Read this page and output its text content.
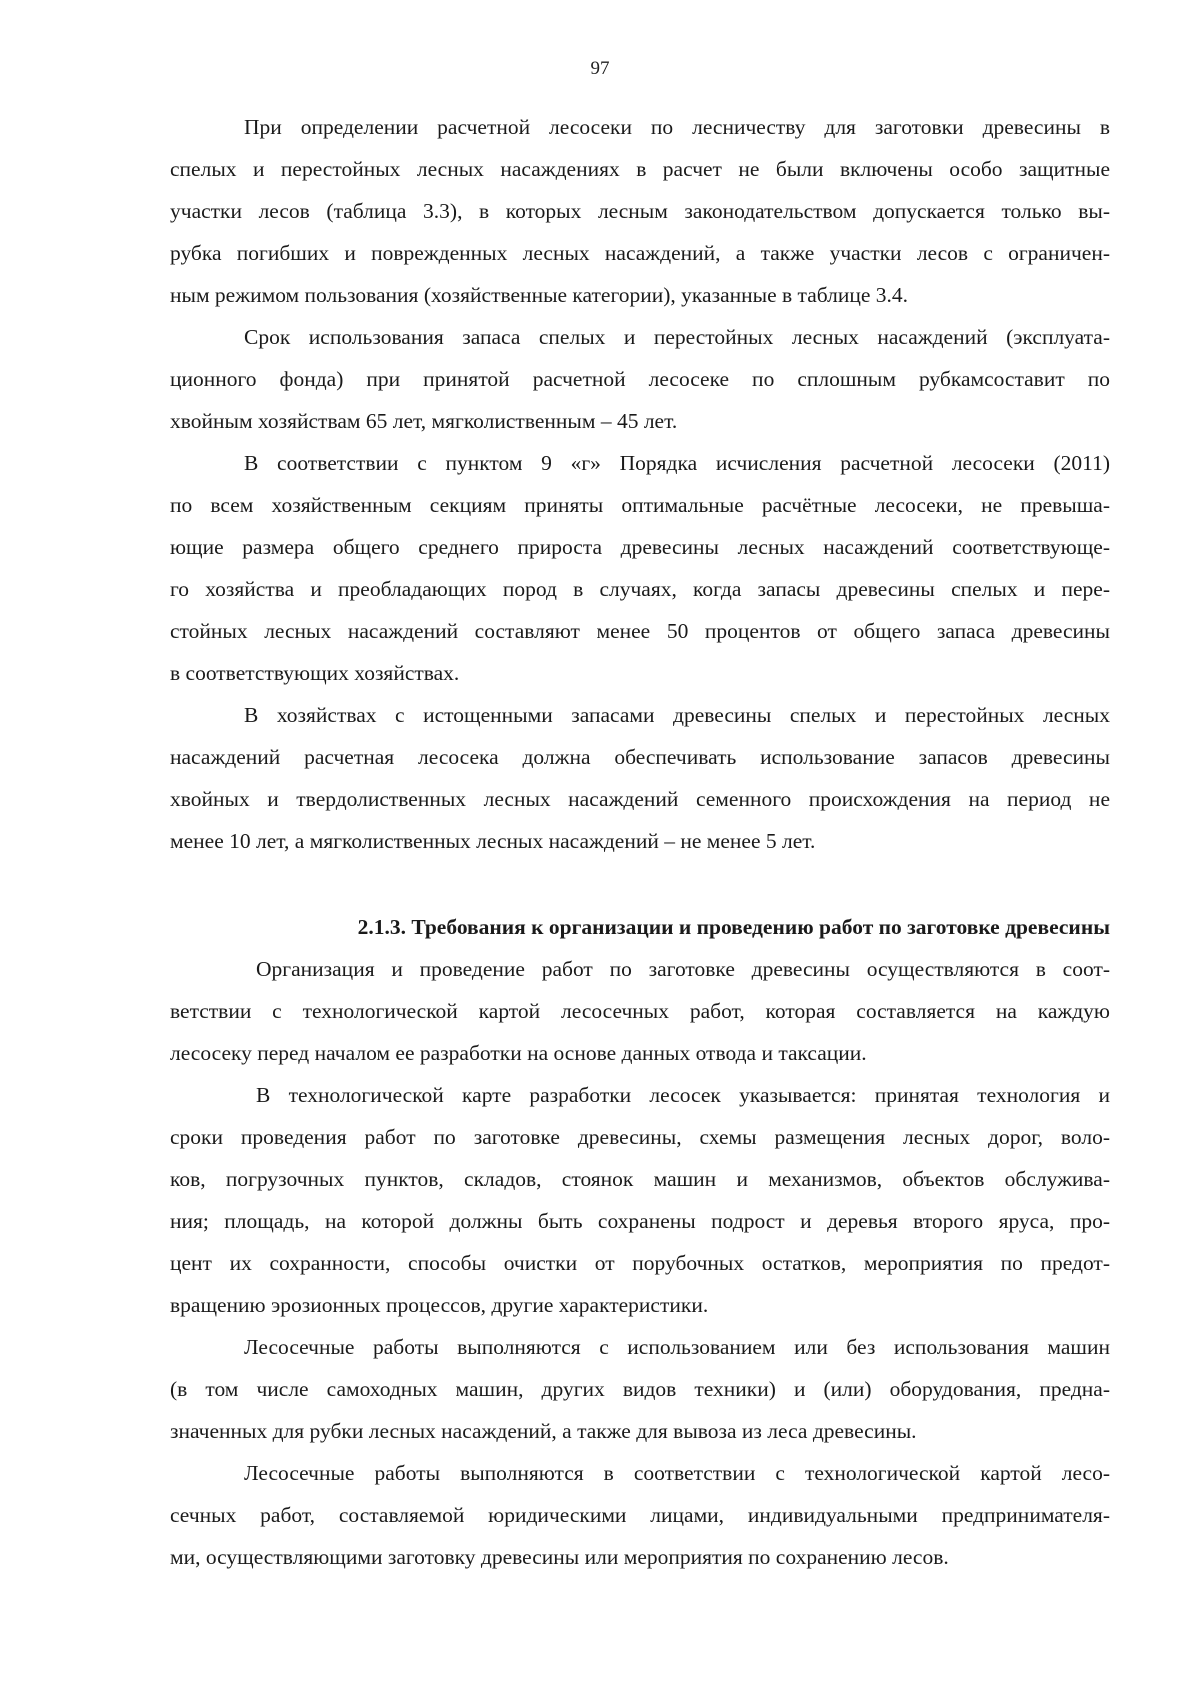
97
При определении расчетной лесосеки по лесничеству для заготовки древесины в
спелых и перестойных лесных насаждениях в расчет не были включены особо защитные
участки лесов (таблица 3.3), в которых лесным законодательством допускается только вы-
рубка погибших и поврежденных лесных насаждений, а также участки лесов с ограничен-
ным режимом пользования (хозяйственные категории), указанные в таблице 3.4.
Срок использования запаса спелых и перестойных лесных насаждений (эксплуата-
ционного фонда) при принятой расчетной лесосеке по сплошным рубкамсоставит по
хвойным хозяйствам 65 лет, мягколиственным – 45 лет.
В соответствии с пунктом 9 «г» Порядка исчисления расчетной лесосеки (2011)
по всем хозяйственным секциям приняты оптимальные расчётные лесосеки, не превыша-
ющие размера общего среднего прироста древесины лесных насаждений соответствующе-
го хозяйства и преобладающих пород в случаях, когда запасы древесины спелых и пере-
стойных лесных насаждений составляют менее 50 процентов от общего запаса древесины
в соответствующих хозяйствах.
В хозяйствах с истощенными запасами древесины спелых и перестойных лесных
насаждений расчетная лесосека должна обеспечивать использование запасов древесины
хвойных и твердолиственных лесных насаждений семенного происхождения на период не
менее 10 лет, а мягколиственных лесных насаждений – не менее 5 лет.
2.1.3. Требования к организации и проведению работ по заготовке древесины
Организация и проведение работ по заготовке древесины осуществляются в соот-
ветствии с технологической картой лесосечных работ, которая составляется на каждую
лесосеку перед началом ее разработки на основе данных отвода и таксации.
В технологической карте разработки лесосек указывается: принятая технология и
сроки проведения работ по заготовке древесины, схемы размещения лесных дорог, воло-
ков, погрузочных пунктов, складов, стоянок машин и механизмов, объектов обслужива-
ния; площадь, на которой должны быть сохранены подрост и деревья второго яруса, про-
цент их сохранности, способы очистки от порубочных остатков, мероприятия по предот-
вращению эрозионных процессов, другие характеристики.
Лесосечные работы выполняются с использованием или без использования машин
(в том числе самоходных машин, других видов техники) и (или) оборудования, предна-
значенных для рубки лесных насаждений, а также для вывоза из леса древесины.
Лесосечные работы выполняются в соответствии с технологической картой лесо-
сечных работ, составляемой юридическими лицами, индивидуальными предпринимателя-
ми, осуществляющими заготовку древесины или мероприятия по сохранению лесов.
